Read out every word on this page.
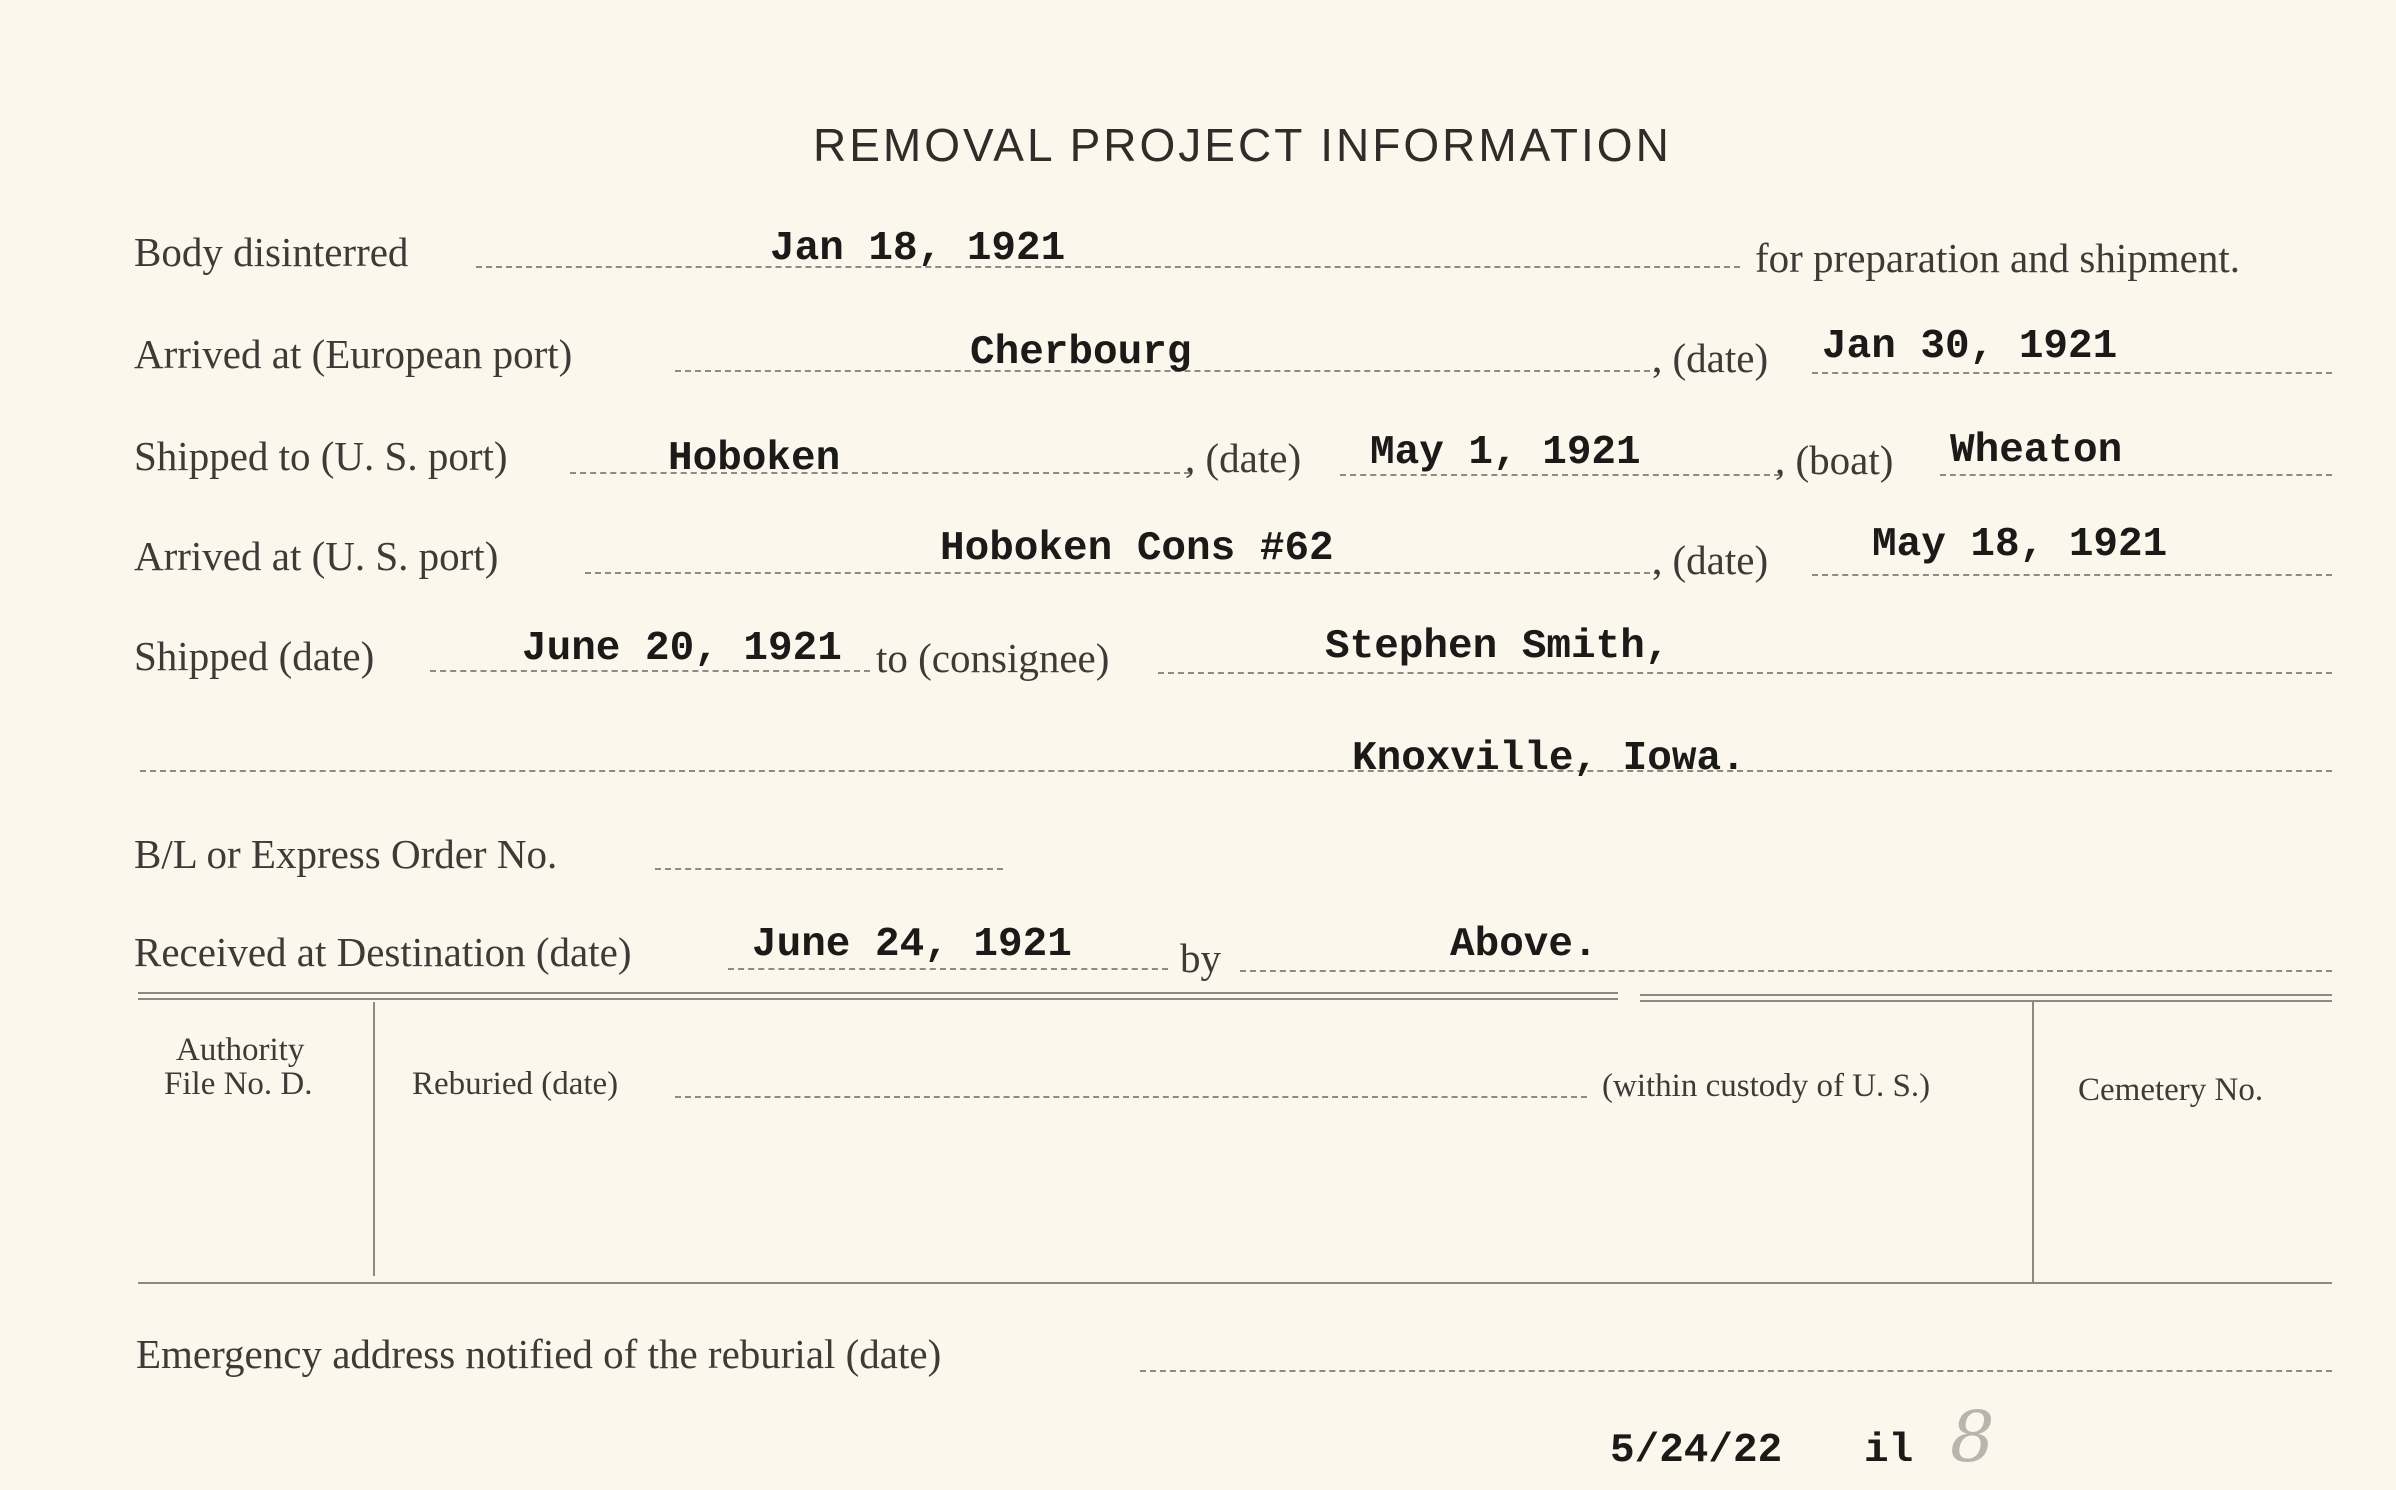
REMOVAL PROJECT INFORMATION
Body disinterred	Jan 18, 1921	for preparation and shipment.
Arrived at (European port)	Cherbourg	, (date) Jan 30, 1921
Shipped to (U. S. port)	Hoboken	, (date) May 1, 1921	, (boat) Wheaton
Arrived at (U. S. port)	Hoboken Cons #62	, (date)	May 18, 1921
Shipped (date)	June 20, 1921 to (consignee)	Stephen Smith,
Knoxville, Iowa.
B/L or Express Order No.
Received at Destination (date)	June 24, 1921	by	Above.
Authority
File No. D.	Reburied (date)	(within custody of U. S.)	Cemetery No.
Emergency address notified of the reburial (date)
5/24/22 il 8
